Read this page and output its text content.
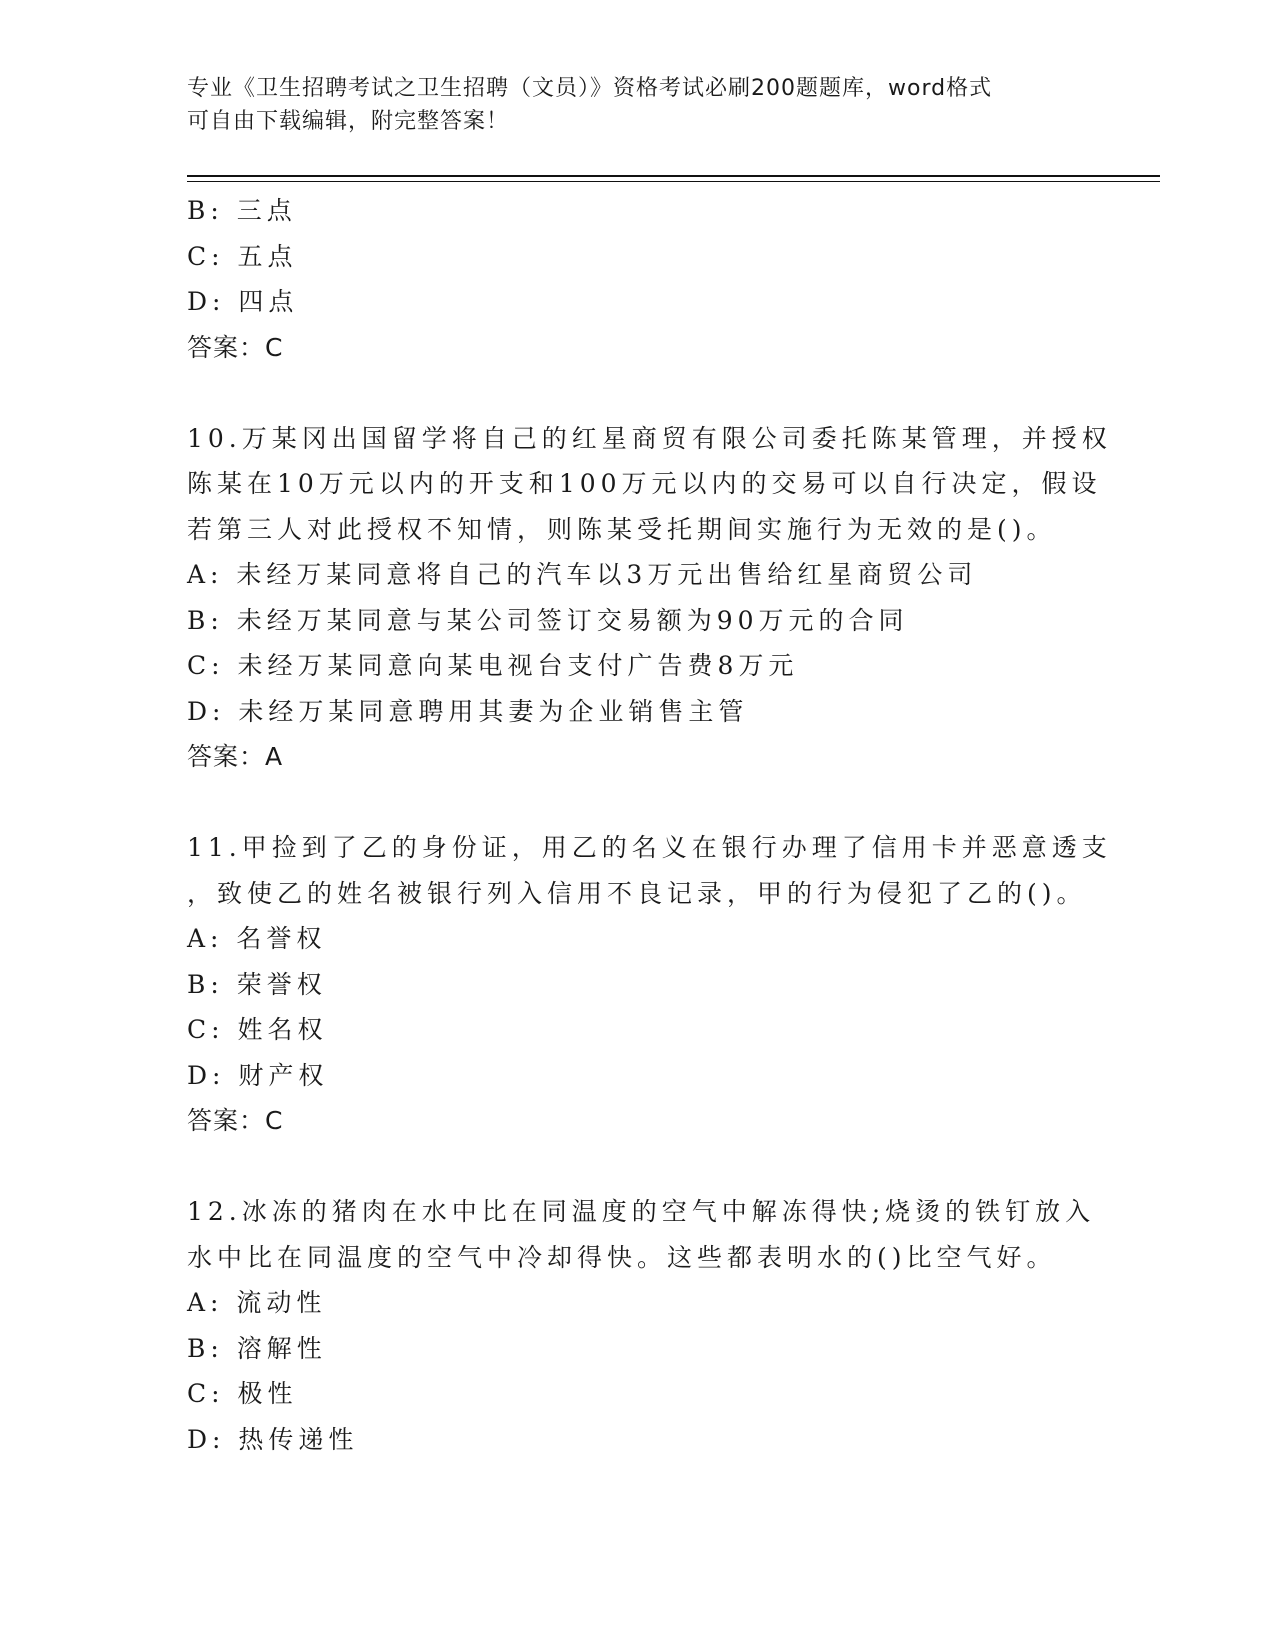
专业《卫生招聘考试之卫生招聘（文员）》资格考试必刷200题题库，word格式
可自由下载编辑，附完整答案！
B: 三点
C: 五点
D: 四点
答案：C
10.万某冈出国留学将自己的红星商贸有限公司委托陈某管理，并授权
陈某在10万元以内的开支和100万元以内的交易可以自行决定，假设
若第三人对此授权不知情，则陈某受托期间实施行为无效的是()。
A: 未经万某同意将自己的汽车以3万元出售给红星商贸公司
B: 未经万某同意与某公司签订交易额为90万元的合同
C: 未经万某同意向某电视台支付广告费8万元
D: 未经万某同意聘用其妻为企业销售主管
答案：A
11.甲捡到了乙的身份证，用乙的名义在银行办理了信用卡并恶意透支
，致使乙的姓名被银行列入信用不良记录，甲的行为侵犯了乙的()。
A: 名誉权
B: 荣誉权
C: 姓名权
D: 财产权
答案：C
12.冰冻的猪肉在水中比在同温度的空气中解冻得快;烧烫的铁钉放入
水中比在同温度的空气中冷却得快。这些都表明水的()比空气好。
A: 流动性
B: 溶解性
C: 极性
D: 热传递性
